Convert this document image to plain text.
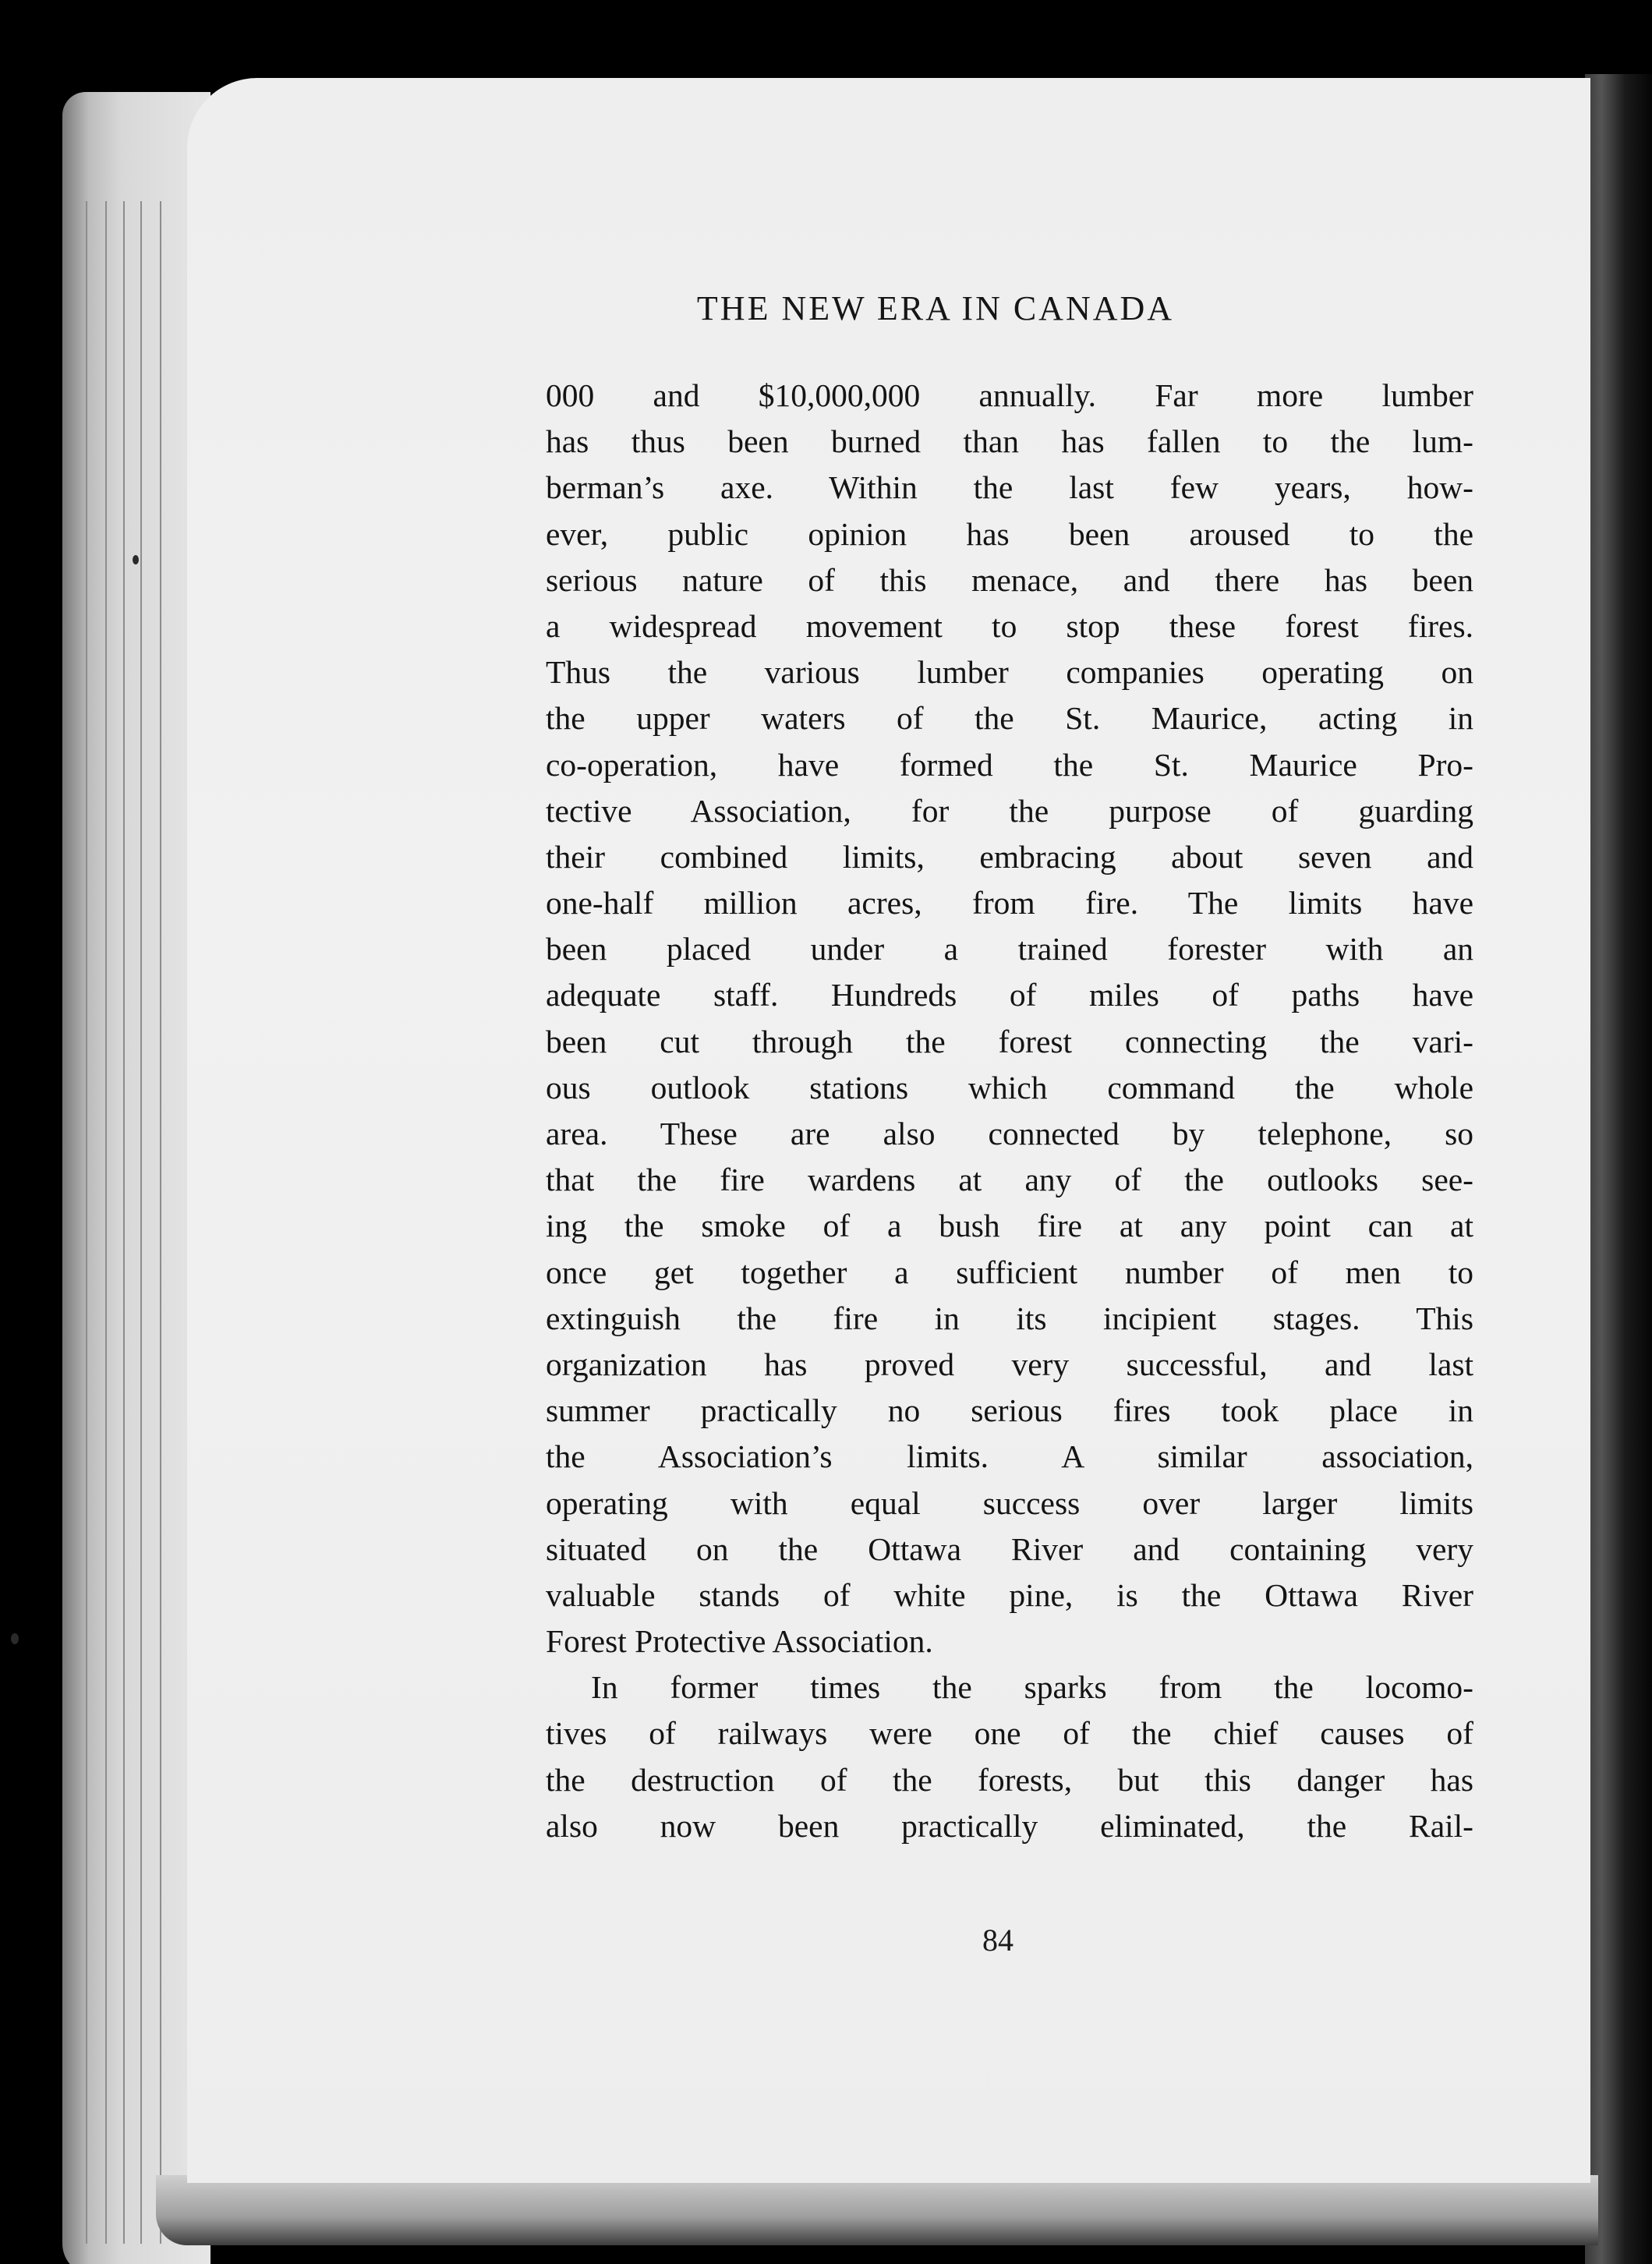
THE NEW ERA IN CANADA
000 and $10,000,000 annually. Far more lumber
has thus been burned than has fallen to the lum-
berman’s axe. Within the last few years, how-
ever, public opinion has been aroused to the
serious nature of this menace, and there has been
a widespread movement to stop these forest fires.
Thus the various lumber companies operating on
the upper waters of the St. Maurice, acting in
co-operation, have formed the St. Maurice Pro-
tective Association, for the purpose of guarding
their combined limits, embracing about seven and
one-half million acres, from fire. The limits have
been placed under a trained forester with an
adequate staff. Hundreds of miles of paths have
been cut through the forest connecting the vari-
ous outlook stations which command the whole
area. These are also connected by telephone, so
that the fire wardens at any of the outlooks see-
ing the smoke of a bush fire at any point can at
once get together a sufficient number of men to
extinguish the fire in its incipient stages. This
organization has proved very successful, and last
summer practically no serious fires took place in
the Association’s limits. A similar association,
operating with equal success over larger limits
situated on the Ottawa River and containing very
valuable stands of white pine, is the Ottawa River
Forest Protective Association.
In former times the sparks from the locomo-
tives of railways were one of the chief causes of
the destruction of the forests, but this danger has
also now been practically eliminated, the Rail-
84
